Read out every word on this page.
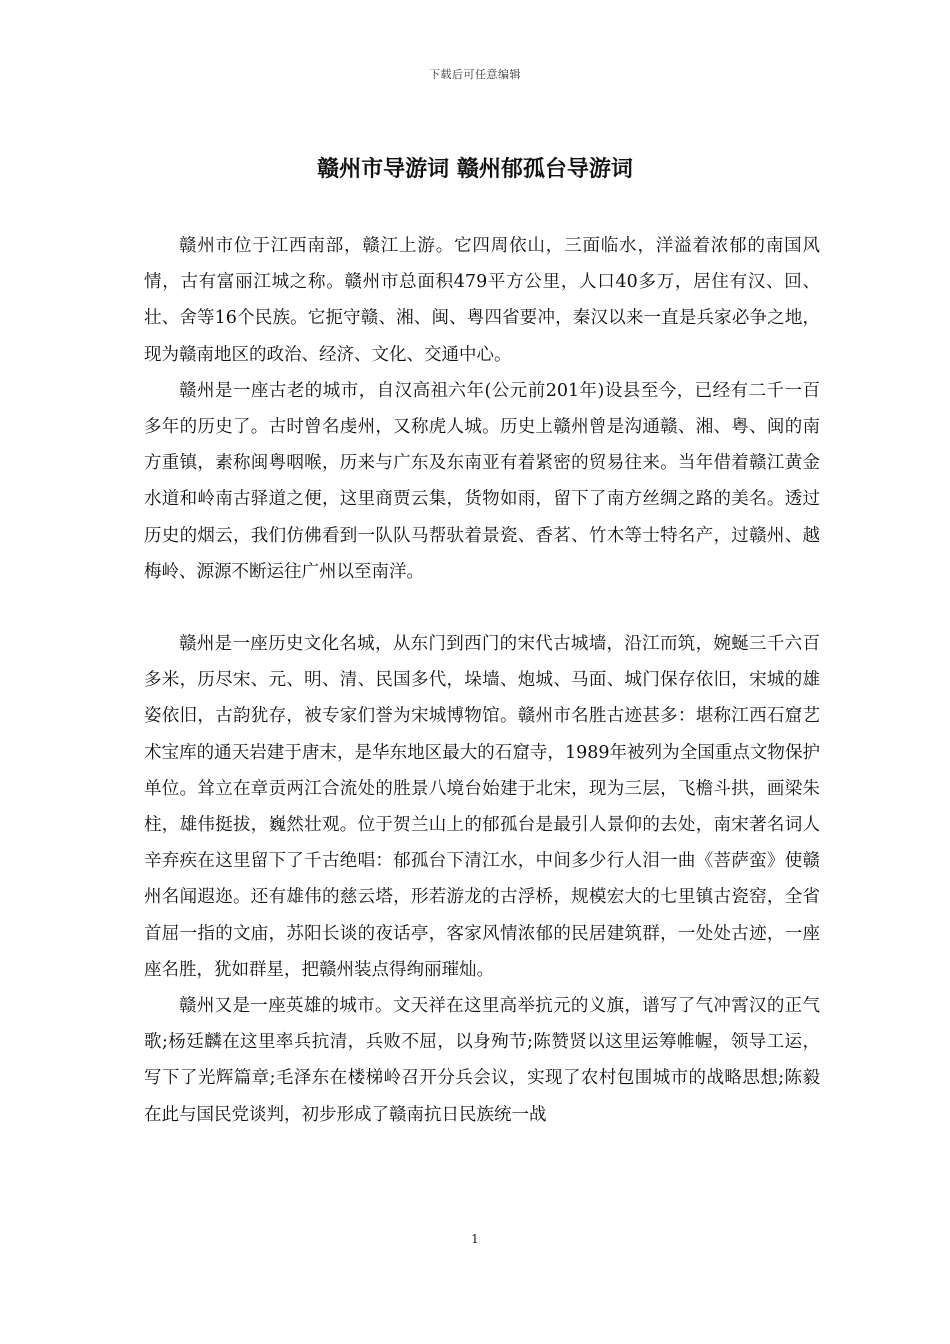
下载后可任意编辑
赣州市导游词 赣州郁孤台导游词

赣州市位于江西南部，赣江上游。它四周依山，三面临水，洋溢着浓郁的南国风情，古有富丽江城之称。赣州市总面积479平方公里，人口40多万，居住有汉、回、壮、舍等16个民族。它扼守赣、湘、闽、粤四省要冲，秦汉以来一直是兵家必争之地，现为赣南地区的政治、经济、文化、交通中心。

赣州是一座古老的城市，自汉高祖六年(公元前201年)设县至今，已经有二千一百多年的历史了。古时曾名虔州，又称虎人城。历史上赣州曾是沟通赣、湘、粤、闽的南方重镇，素称闽粤咽喉，历来与广东及东南亚有着紧密的贸易往来。当年借着赣江黄金水道和岭南古驿道之便，这里商贾云集，货物如雨，留下了南方丝绸之路的美名。透过历史的烟云，我们仿佛看到一队队马帮驮着景瓷、香茗、竹木等士特名产，过赣州、越梅岭、源源不断运往广州以至南洋。

赣州是一座历史文化名城，从东门到西门的宋代古城墙，沿江而筑，婉蜒三千六百多米，历尽宋、元、明、清、民国多代，垛墙、炮城、马面、城门保存依旧，宋城的雄姿依旧，古韵犹存，被专家们誉为宋城博物馆。赣州市名胜古迹甚多：堪称江西石窟艺术宝库的通天岩建于唐末，是华东地区最大的石窟寺，1989年被列为全国重点文物保护单位。耸立在章贡两江合流处的胜景八境台始建于北宋，现为三层，飞檐斗拱，画梁朱柱，雄伟挺拔，巍然壮观。位于贺兰山上的郁孤台是最引人景仰的去处，南宋著名词人辛弃疾在这里留下了千古绝唱：郁孤台下清江水，中间多少行人泪一曲《菩萨蛮》使赣州名闻遐迩。还有雄伟的慈云塔，形若游龙的古浮桥，规模宏大的七里镇古瓷窑，全省首屈一指的文庙，苏阳长谈的夜话亭，客家风情浓郁的民居建筑群，一处处古迹，一座座名胜，犹如群星，把赣州装点得绚丽璀灿。

赣州又是一座英雄的城市。文天祥在这里高举抗元的义旗，谱写了气冲霄汉的正气歌;杨廷麟在这里率兵抗清，兵败不屈，以身殉节;陈赞贤以这里运筹帷幄，领导工运，写下了光辉篇章;毛泽东在楼梯岭召开分兵会议，实现了农村包围城市的战略思想;陈毅在此与国民党谈判，初步形成了赣南抗日民族统一战

1
